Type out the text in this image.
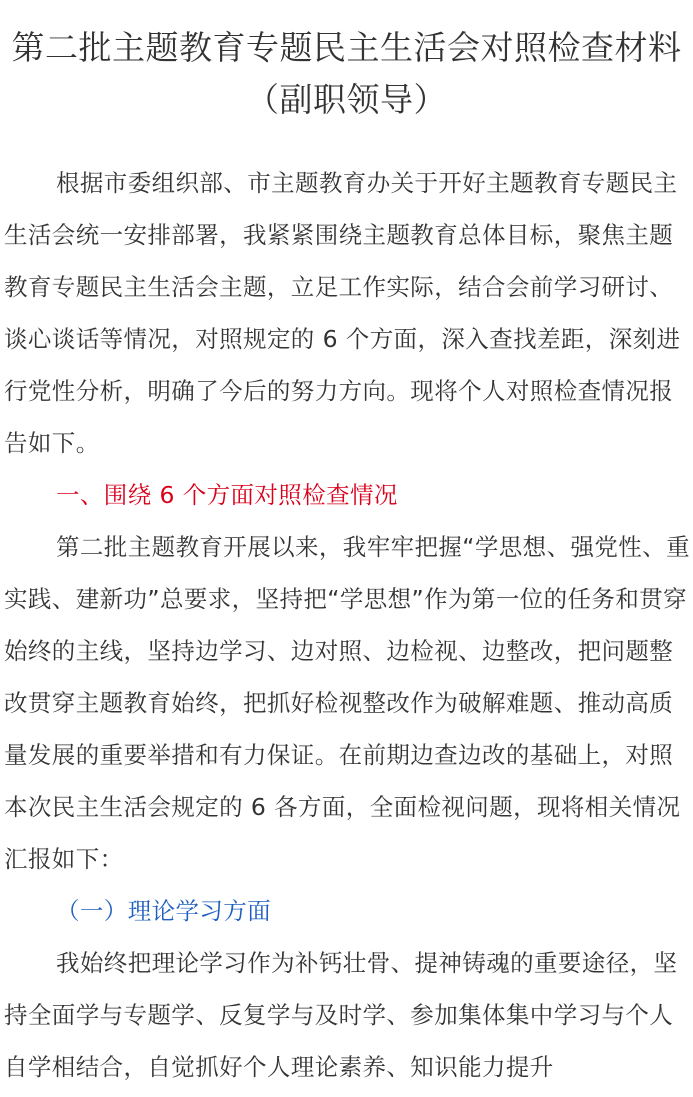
第二批主题教育专题民主生活会对照检查材料（副职领导）

根据市委组织部、市主题教育办关于开好主题教育专题民主生活会统一安排部署，我紧紧围绕主题教育总体目标，聚焦主题教育专题民主生活会主题，立足工作实际，结合会前学习研讨、谈心谈话等情况，对照规定的 6 个方面，深入查找差距，深刻进行党性分析，明确了今后的努力方向。现将个人对照检查情况报告如下。

一、围绕 6 个方面对照检查情况

第二批主题教育开展以来，我牢牢把握“学思想、强党性、重实践、建新功”总要求，坚持把“学思想”作为第一位的任务和贯穿始终的主线，坚持边学习、边对照、边检视、边整改，把问题整改贯穿主题教育始终，把抓好检视整改作为破解难题、推动高质量发展的重要举措和有力保证。在前期边查边改的基础上，对照本次民主生活会规定的 6 各方面，全面检视问题，现将相关情况汇报如下：

（一）理论学习方面

我始终把理论学习作为补钙壮骨、提神铸魂的重要途径，坚持全面学与专题学、反复学与及时学、参加集体集中学习与个人自学相结合，自觉抓好个人理论素养、知识能力提升
